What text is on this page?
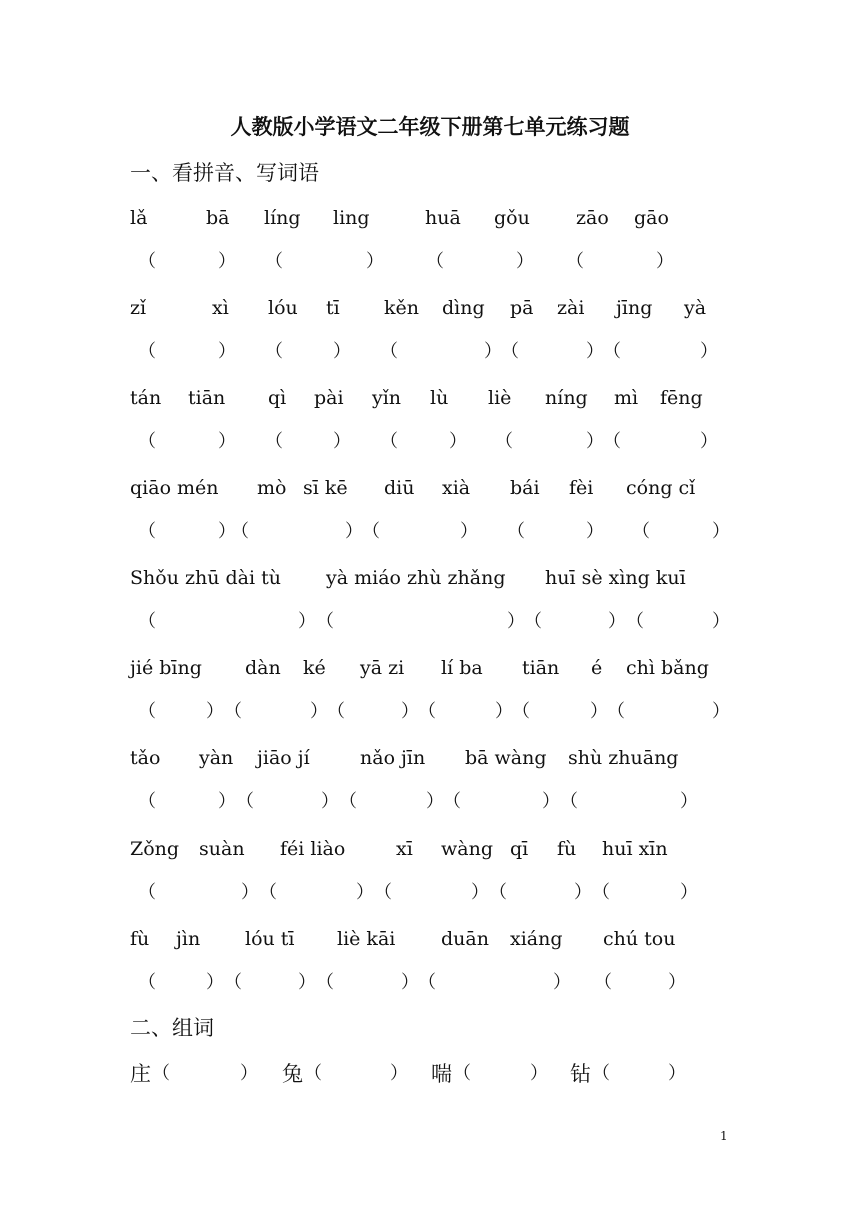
人教版小学语文二年级下册第七单元练习题
一、看拼音、写词语
lǎ	bā líng ling	huā gǒu zāo gāo
（	） （	） （	） （	）
zǐ	xì lóu tī kěn dìng pā zài jīng yà
（	） （	） （	） （	） （	）
tán tiān qì pài yǐn lù liè níng mì fēng
（	） （	） （	） （	） （	）
qiāo mén mò sī kē diū xià bái fèi cóng cǐ
（	）
（	） （	） （	） （	）
Shǒu zhū dài tù yà miáo zhù zhǎng huī sè xìng kuī
（	） （	） （	） （	）
jié bīng dàn ké yā zi lí ba tiān é chì bǎng
（	） （	） （	） （	） （	） （	）
tǎo yàn jiāo jí	nǎo jīn bā wàng shù zhuāng
（	） （	） （	） （	） （	）
Zǒng suàn féi liào	xī wàng qī fù huī xīn
（	） （	） （	） （	） （	）
fù jìn lóu tī liè kāi duān xiáng chú tou
（	） （	） （	） （	） （	）
二、组词
庄 （	） 兔 （	） 喘 （	） 钻 （	）
1
